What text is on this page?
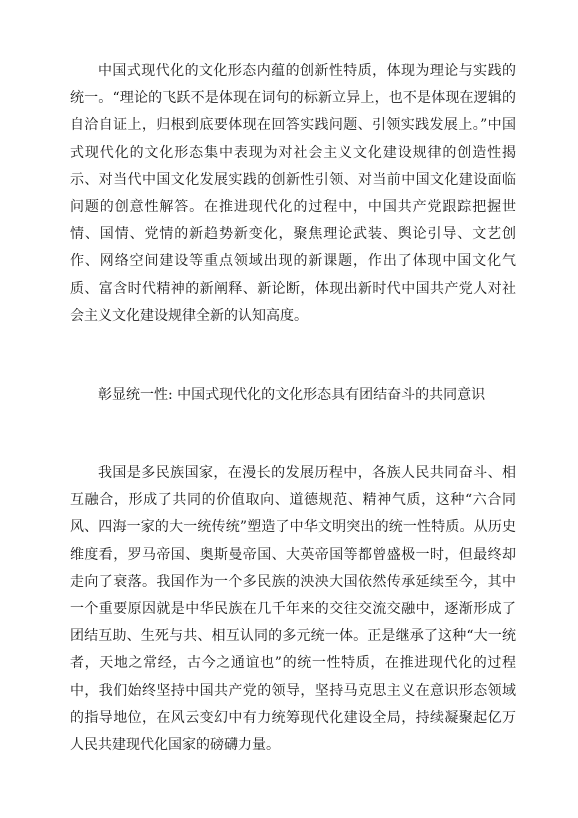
中国式现代化的文化形态内蕴的创新性特质，体现为理论与实践的统一。“理论的飞跃不是体现在词句的标新立异上，也不是体现在逻辑的自洽自证上，归根到底要体现在回答实践问题、引领实践发展上。”中国式现代化的文化形态集中表现为对社会主义文化建设规律的创造性揭示、对当代中国文化发展实践的创新性引领、对当前中国文化建设面临问题的创意性解答。在推进现代化的过程中，中国共产党跟踪把握世情、国情、党情的新趋势新变化，聚焦理论武装、舆论引导、文艺创作、网络空间建设等重点领域出现的新课题，作出了体现中国文化气质、富含时代精神的新阐释、新论断，体现出新时代中国共产党人对社会主义文化建设规律全新的认知高度。

彰显统一性: 中国式现代化的文化形态具有团结奋斗的共同意识

我国是多民族国家，在漫长的发展历程中，各族人民共同奋斗、相互融合，形成了共同的价值取向、道德规范、精神气质，这种“六合同风、四海一家的大一统传统”塑造了中华文明突出的统一性特质。从历史维度看，罗马帝国、奥斯曼帝国、大英帝国等都曾盛极一时，但最终却走向了衰落。我国作为一个多民族的泱泱大国依然传承延续至今，其中一个重要原因就是中华民族在几千年来的交往交流交融中，逐渐形成了团结互助、生死与共、相互认同的多元统一体。正是继承了这种“大一统者，天地之常经，古今之通谊也”的统一性特质，在推进现代化的过程中，我们始终坚持中国共产党的领导，坚持马克思主义在意识形态领域的指导地位，在风云变幻中有力统筹现代化建设全局，持续凝聚起亿万人民共建现代化国家的磅礴力量。
